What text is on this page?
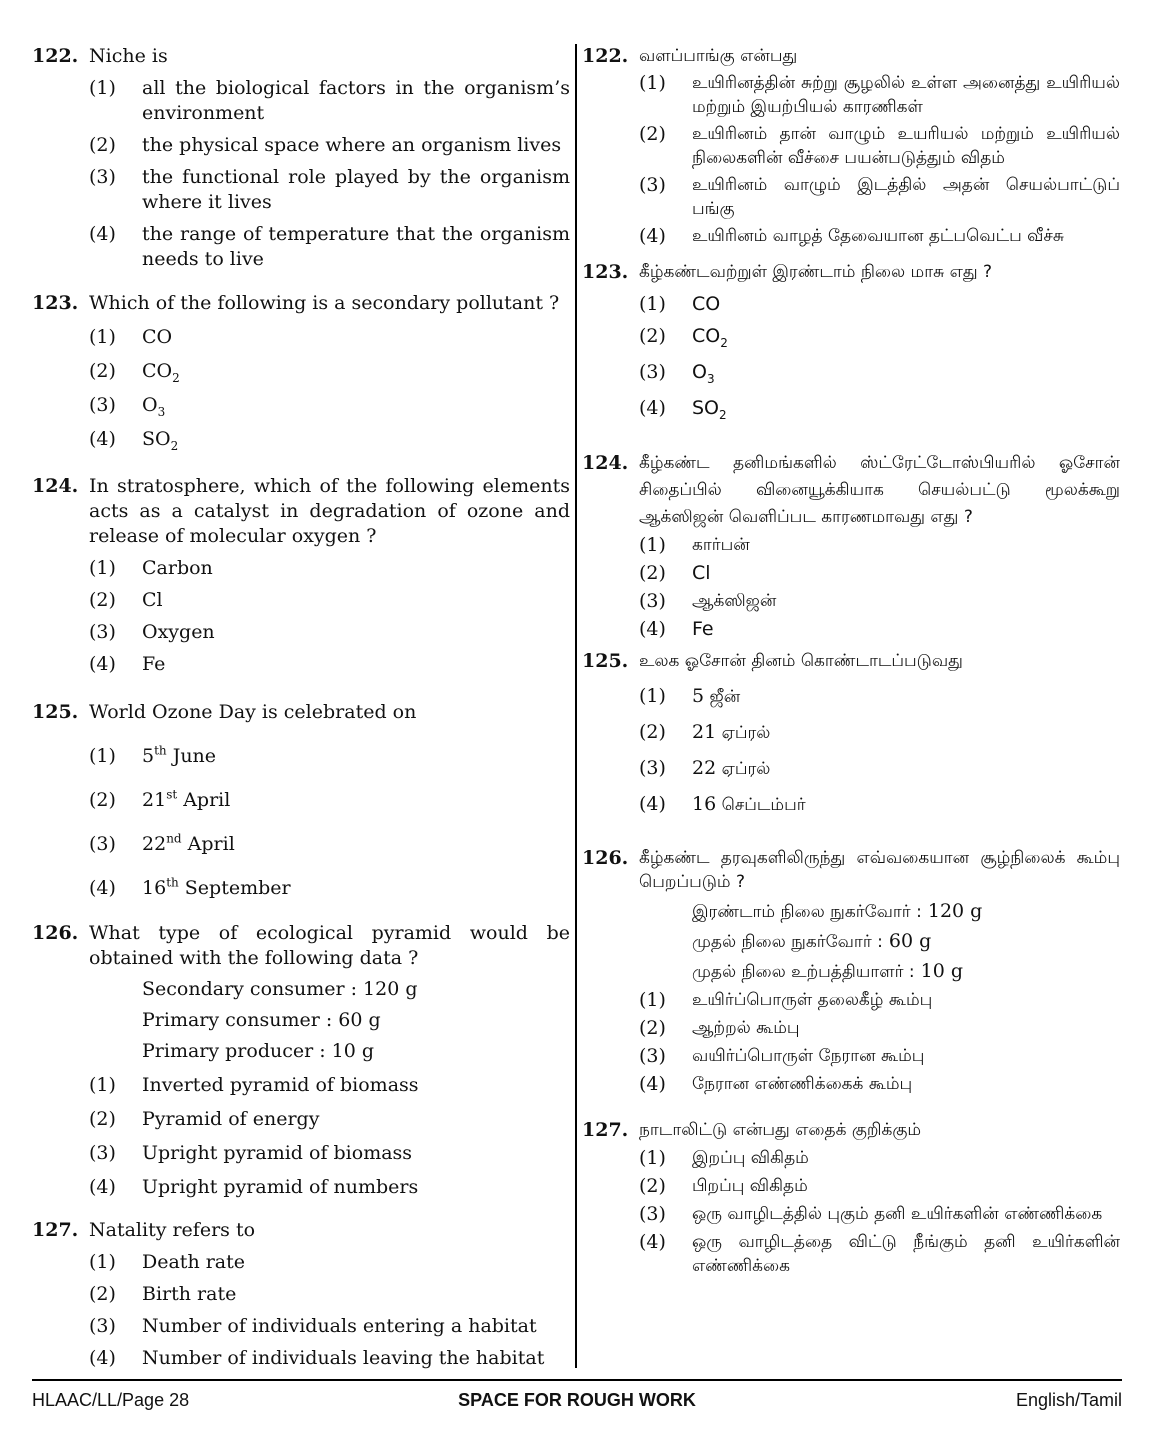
122. Niche is
(1)	all the biological factors in the organism’s environment
(2)	the physical space where an organism lives
(3)	the functional role played by the organism where it lives
(4)	the range of temperature that the organism needs to live
123. Which of the following is a secondary pollutant ?
(1)	CO
(2)	$CO_2$
(3)	$O_3$
(4)	$SO_2$
124. In stratosphere, which of the following elements acts as a catalyst in degradation of ozone and release of molecular oxygen ?
(1)	Carbon
(2)	Cl
(3)	Oxygen
(4)	Fe
125. World Ozone Day is celebrated on
(1)	5th June
(2)	21st April
(3)	22nd April
(4)	16th September
126. What type of ecological pyramid would be obtained with the following data ?
Secondary consumer : 120 g
Primary consumer : 60 g
Primary producer : 10 g
(1)	Inverted pyramid of biomass
(2)	Pyramid of energy
(3)	Upright pyramid of biomass
(4)	Upright pyramid of numbers
127. Natality refers to
(1)	Death rate
(2)	Birth rate
(3)	Number of individuals entering a habitat
(4)	Number of individuals leaving the habitat
122. வளப்பாங்கு என்பது
(1)	உயிரினத்தின் சுற்று சூழலில் உள்ள அனைத்து உயிரியல் மற்றும் இயற்பியல் காரணிகள்
(2)	உயிரினம் தான் வாழும் உயரியல் மற்றும் உயிரியல் நிலைகளின் வீச்சை பயன்படுத்தும் விதம்
(3)	உயிரினம் வாழும் இடத்தில் அதன் செயல்பாட்டுப் பங்கு
(4)	உயிரினம் வாழத் தேவையான தட்பவெட்ப வீச்சு
123. கீழ்கண்டவற்றுள் இரண்டாம் நிலை மாசு எது ?
(1)	CO
(2)	$CO_2$
(3)	$O_3$
(4)	$SO_2$
124. கீழ்கண்ட தனிமங்களில் ஸ்ட்ரேட்டோஸ்பியரில் ஓசோன் சிதைப்பில் வினையூக்கியாக செயல்பட்டு மூலக்கூறு ஆக்ஸிஜன் வெளிப்பட காரணமாவது எது ?
(1)	கார்பன்
(2)	Cl
(3)	ஆக்ஸிஜன்
(4)	Fe
125. உலக ஓசோன் தினம் கொண்டாடப்படுவது
(1)	5 ஜீன்
(2)	21 ஏப்ரல்
(3)	22 ஏப்ரல்
(4)	16 செப்டம்பர்
126. கீழ்கண்ட தரவுகளிலிருந்து எவ்வகையான சூழ்நிலைக் கூம்பு பெறப்படும் ?
இரண்டாம் நிலை நுகர்வோர் : 120 g
முதல் நிலை நுகர்வோர் : 60 g
முதல் நிலை உற்பத்தியாளர் : 10 g
(1)	உயிர்ப்பொருள் தலைகீழ் கூம்பு
(2)	ஆற்றல் கூம்பு
(3)	வயிர்ப்பொருள் நேரான கூம்பு
(4)	நேரான எண்ணிக்கைக் கூம்பு
127. நாடாலிட்டு என்பது எதைக் குறிக்கும்
(1)	இறப்பு விகிதம்
(2)	பிறப்பு விகிதம்
(3)	ஒரு வாழிடத்தில் புகும் தனி உயிர்களின் எண்ணிக்கை
(4)	ஒரு வாழிடத்தை விட்டு நீங்கும் தனி உயிர்களின் எண்ணிக்கை
HLAAC/LL/Page 28	SPACE FOR ROUGH WORK	English/Tamil
